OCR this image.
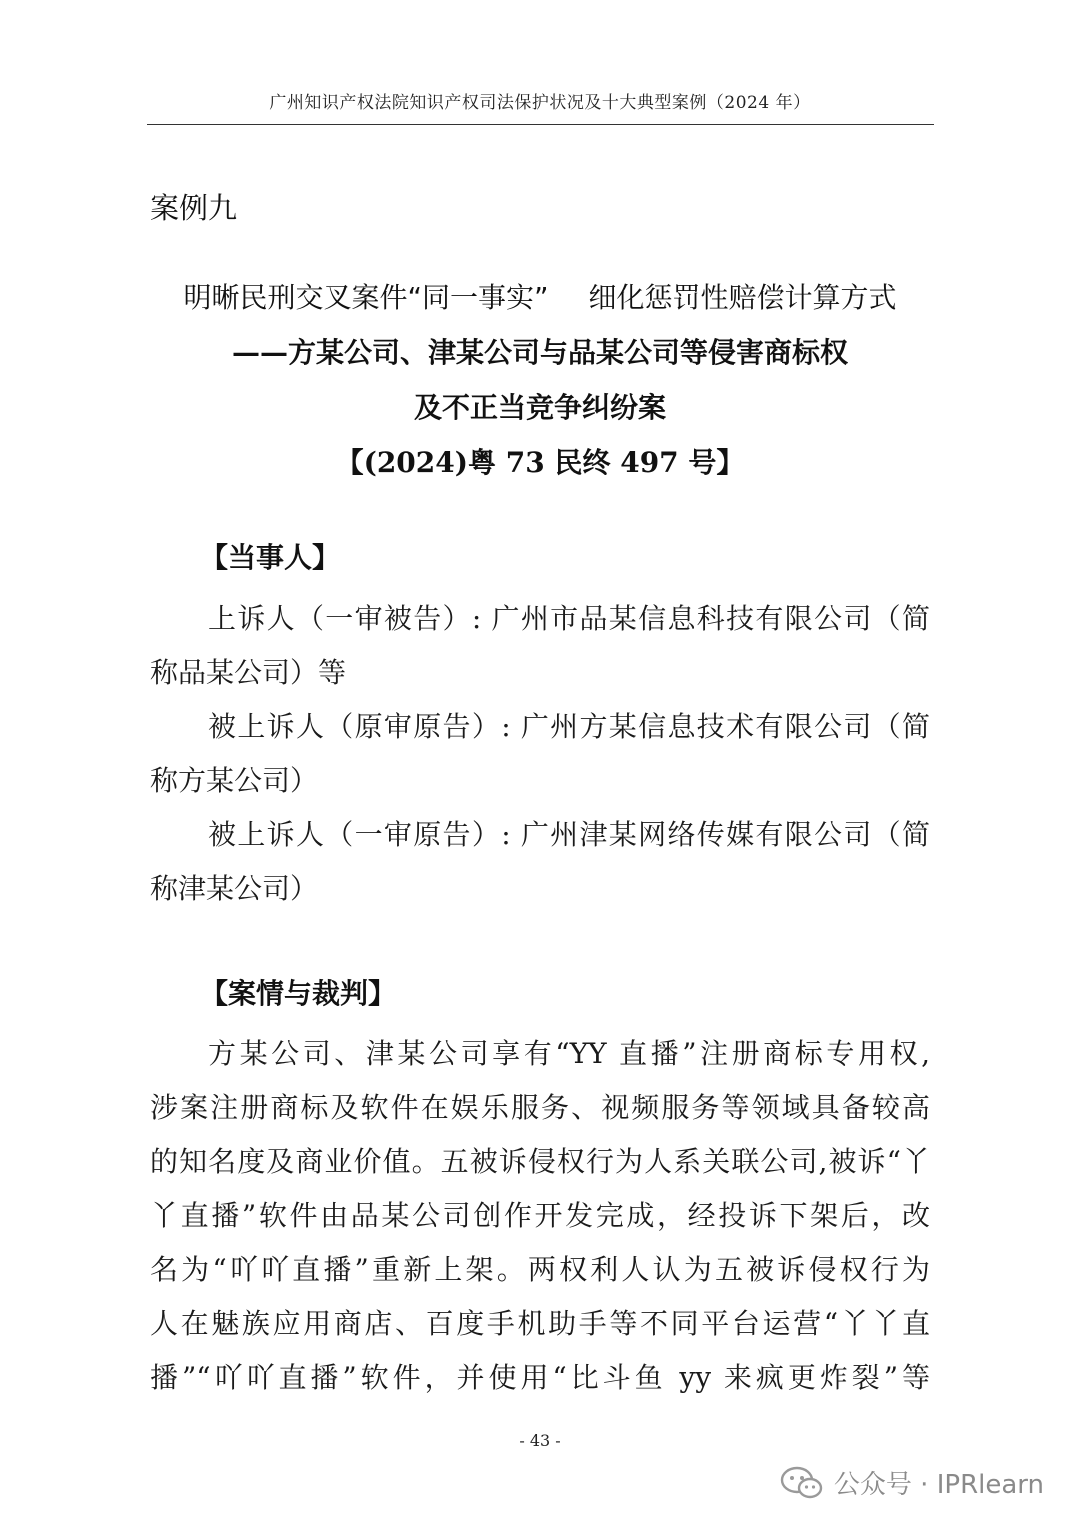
广州知识产权法院知识产权司法保护状况及十大典型案例（2024 年）
案例九
明晰民刑交叉案件“同一事实” 细化惩罚性赔偿计算方式
——方某公司、津某公司与品某公司等侵害商标权
及不正当竞争纠纷案
【(2024)粤 73 民终 497 号】
【当事人】
上诉人（一审被告）: 广州市品某信息科技有限公司（简
称品某公司）等
被上诉人（原审原告）: 广州方某信息技术有限公司（简
称方某公司）
被上诉人（一审原告）: 广州津某网络传媒有限公司（简
称津某公司）
【案情与裁判】
方某公司、津某公司享有“YY 直播”注册商标专用权,
涉案注册商标及软件在娱乐服务、视频服务等领域具备较高
的知名度及商业价值。五被诉侵权行为人系关联公司,被诉“丫
丫直播”软件由品某公司创作开发完成，经投诉下架后，改
名为“吖吖直播”重新上架。两权利人认为五被诉侵权行为
人在魅族应用商店、百度手机助手等不同平台运营“丫丫直
播”“吖吖直播”软件，并使用“比斗鱼 yy 来疯更炸裂”等
- 43 -
公众号 · IPRlearn
